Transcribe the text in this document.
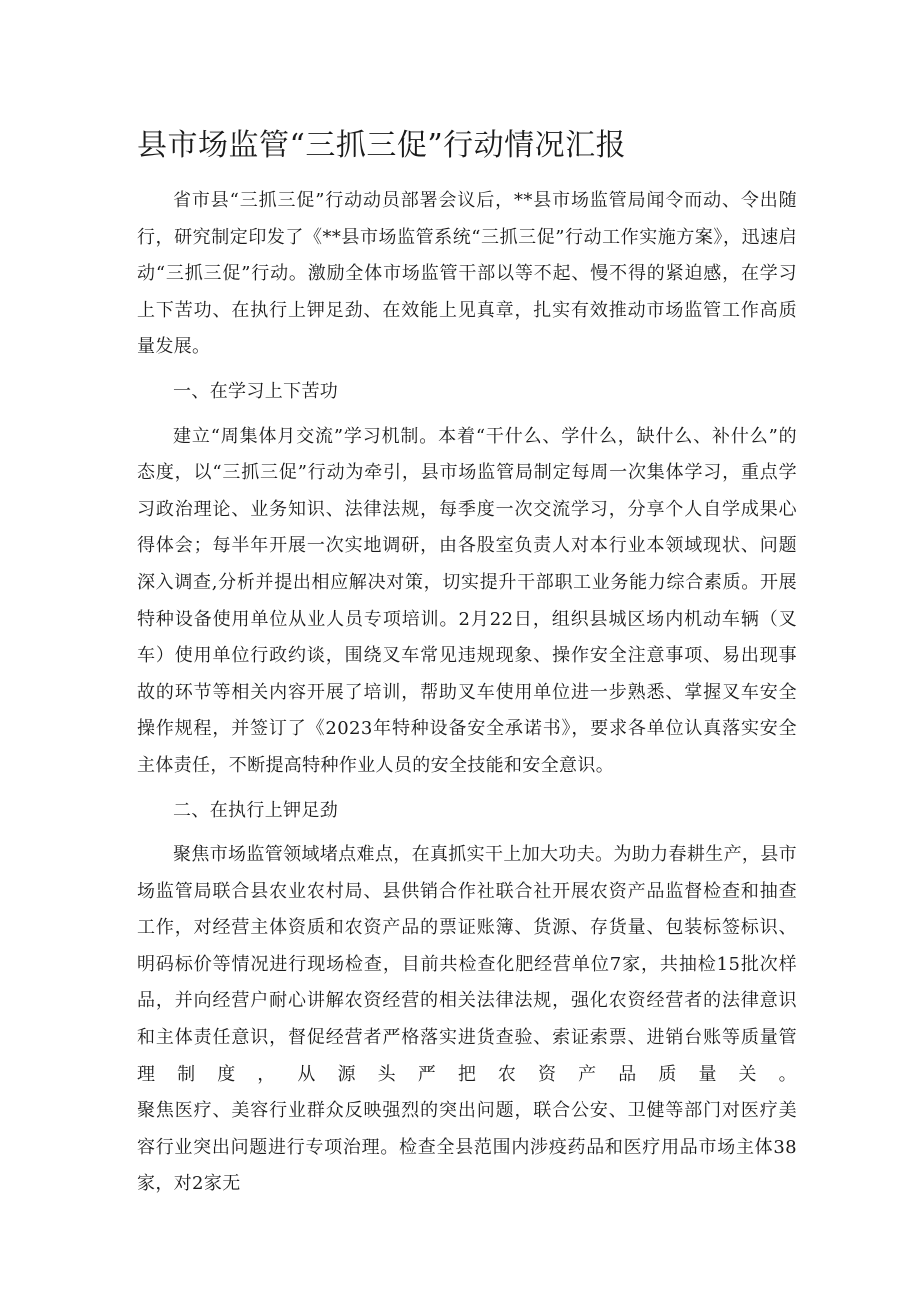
县市场监管“三抓三促”行动情况汇报

省市县“三抓三促”行动动员部署会议后，**县市场监管局闻令而动、令出随行，研究制定印发了《**县市场监管系统“三抓三促”行动工作实施方案》，迅速启动“三抓三促”行动。激励全体市场监管干部以等不起、慢不得的紧迫感，在学习上下苦功、在执行上钾足劲、在效能上见真章，扎实有效推动市场监管工作高质量发展。

一、在学习上下苦功

建立“周集体月交流”学习机制。本着“干什么、学什么，缺什么、补什么”的态度，以“三抓三促”行动为牵引，县市场监管局制定每周一次集体学习，重点学习政治理论、业务知识、法律法规，每季度一次交流学习，分享个人自学成果心得体会；每半年开展一次实地调研，由各股室负责人对本行业本领域现状、问题深入调查,分析并提出相应解决对策，切实提升干部职工业务能力综合素质。开展特种设备使用单位从业人员专项培训。2月22日，组织县城区场内机动车辆（叉车）使用单位行政约谈，围绕叉车常见违规现象、操作安全注意事项、易出现事故的环节等相关内容开展了培训，帮助叉车使用单位进一步熟悉、掌握叉车安全操作规程，并签订了《2023年特种设备安全承诺书》，要求各单位认真落实安全主体责任，不断提高特种作业人员的安全技能和安全意识。

二、在执行上钾足劲

聚焦市场监管领域堵点难点，在真抓实干上加大功夫。为助力春耕生产，县市场监管局联合县农业农村局、县供销合作社联合社开展农资产品监督检查和抽查工作，对经营主体资质和农资产品的票证账簿、货源、存货量、包装标签标识、明码标价等情况进行现场检查，目前共检查化肥经营单位7家，共抽检15批次样品，并向经营户耐心讲解农资经营的相关法律法规，强化农资经营者的法律意识和主体责任意识，督促经营者严格落实进货查验、索证索票、进销台账等质量管理制度，从源头严把农资产品质量关。

聚焦医疗、美容行业群众反映强烈的突出问题，联合公安、卫健等部门对医疗美容行业突出问题进行专项治理。检查全县范围内涉疫药品和医疗用品市场主体38家，对2家无
